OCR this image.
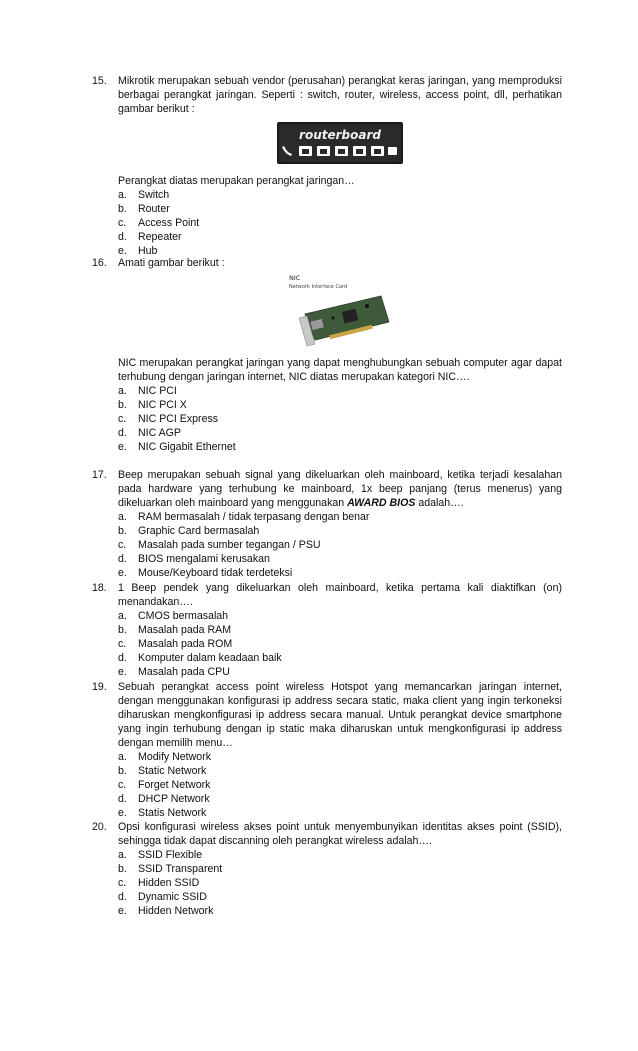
15.	Mikrotik merupakan sebuah vendor (perusahan) perangkat keras jaringan, yang memproduksi berbagai perangkat jaringan. Seperti : switch, router, wireless, access point, dll, perhatikan gambar berikut :
routerboard
Perangkat diatas merupakan perangkat jaringan…
a.	Switch
b.	Router
c.	Access Point
d.	Repeater
e.	Hub
16.	Amati gambar berikut :
NIC
Network Interface Card
NIC merupakan perangkat jaringan yang dapat menghubungkan sebuah computer agar dapat terhubung dengan jaringan internet, NIC diatas merupakan kategori NIC….
a.	NIC PCI
b.	NIC PCI X
c.	NIC PCI Express
d.	NIC AGP
e.	NIC Gigabit Ethernet
17.	Beep merupakan sebuah signal yang dikeluarkan oleh mainboard, ketika terjadi kesalahan pada hardware yang terhubung ke mainboard, 1x beep panjang (terus menerus) yang dikeluarkan oleh mainboard yang menggunakan AWARD BIOS adalah….
a.	RAM bermasalah / tidak terpasang dengan benar
b.	Graphic Card bermasalah
c.	Masalah pada sumber tegangan / PSU
d.	BIOS mengalami kerusakan
e.	Mouse/Keyboard tidak terdeteksi
18.	1 Beep pendek yang dikeluarkan oleh mainboard, ketika pertama kali diaktifkan (on) menandakan….
a.	CMOS bermasalah
b.	Masalah pada RAM
c.	Masalah pada ROM
d.	Komputer dalam keadaan baik
e.	Masalah pada CPU
19.	Sebuah perangkat access point wireless Hotspot yang memancarkan jaringan internet, dengan menggunakan konfigurasi ip address secara static, maka client yang ingin terkoneksi diharuskan mengkonfigurasi ip address secara manual. Untuk perangkat device smartphone yang ingin terhubung dengan ip static maka diharuskan untuk mengkonfigurasi ip address dengan memilih menu…
a.	Modify Network
b.	Static Network
c.	Forget Network
d.	DHCP Network
e.	Statis Network
20.	Opsi konfigurasi wireless akses point untuk menyembunyikan identitas akses point (SSID), sehingga tidak dapat discanning oleh perangkat wireless adalah….
a.	SSID Flexible
b.	SSID Transparent
c.	Hidden SSID
d.	Dynamic SSID
e.	Hidden Network
